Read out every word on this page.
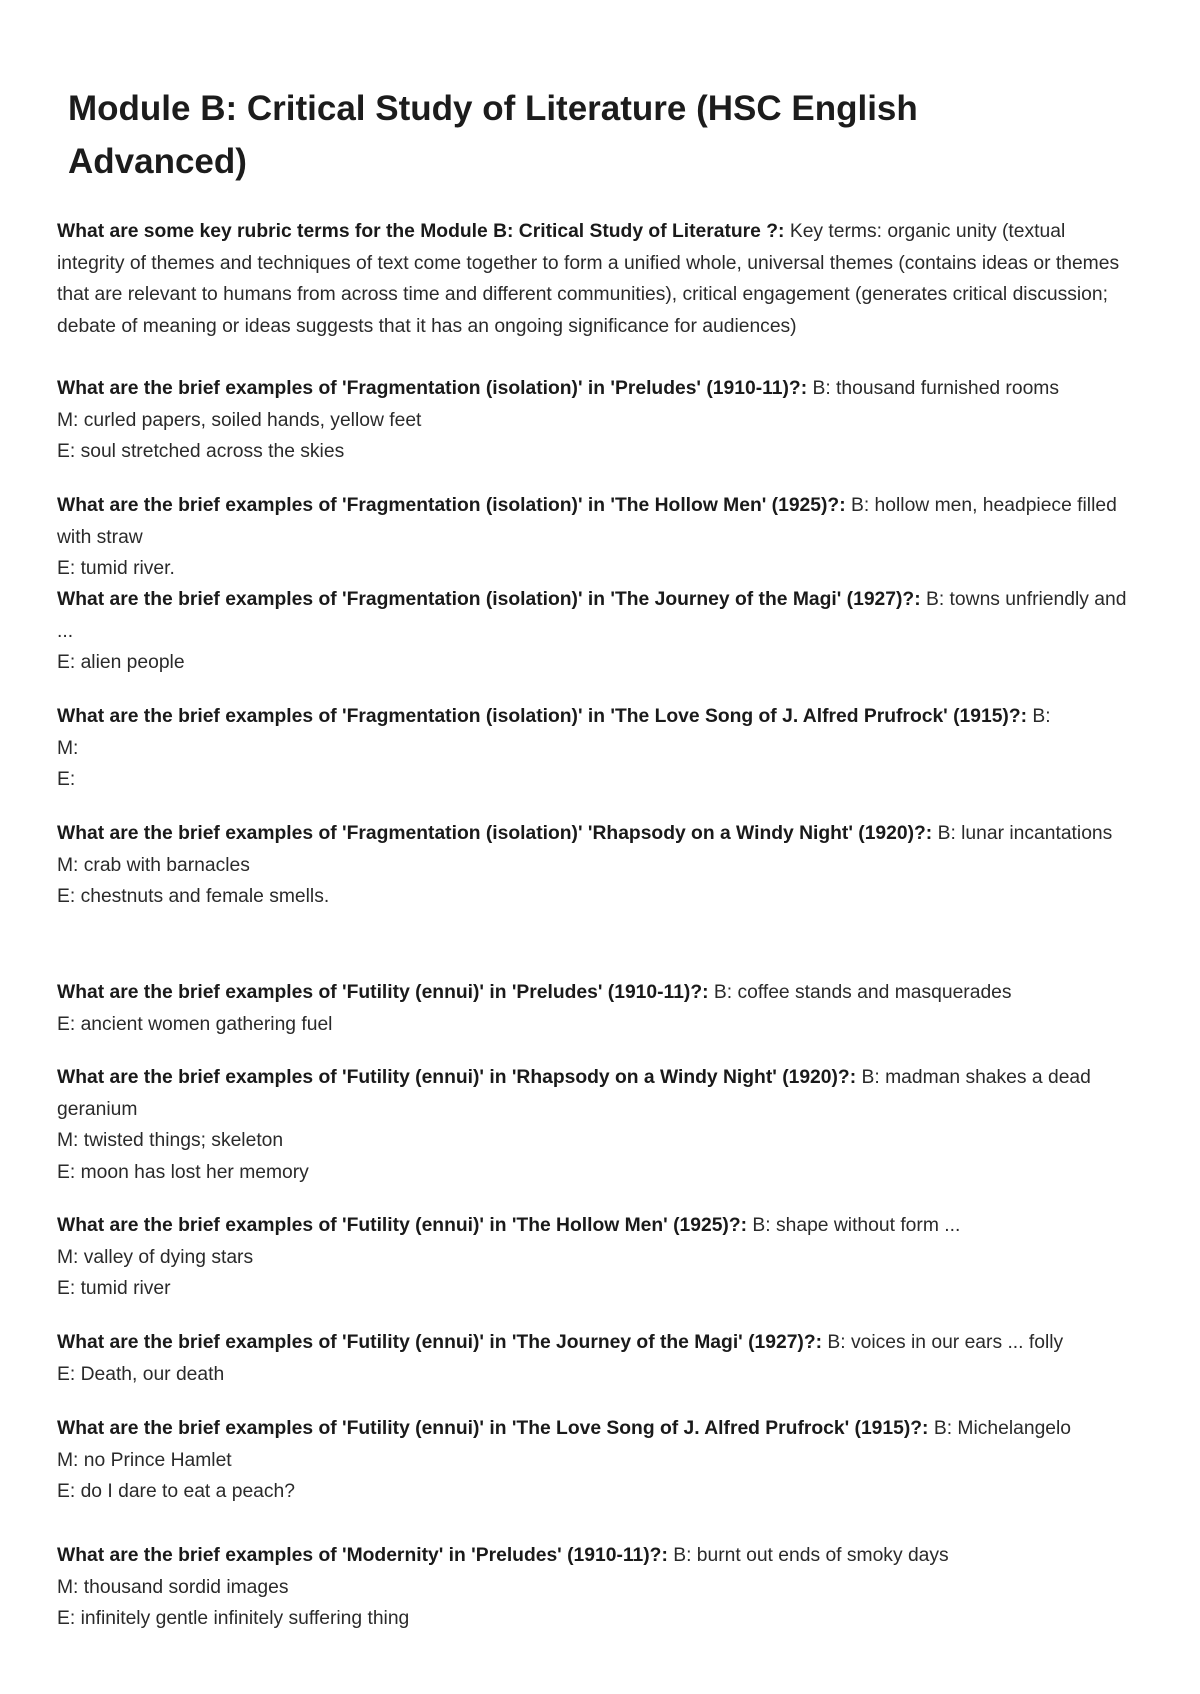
Module B: Critical Study of Literature (HSC English Advanced)
What are some key rubric terms for the Module B: Critical Study of Literature ?: Key terms: organic unity (textual integrity of themes and techniques of text come together to form a unified whole, universal themes (contains ideas or themes that are relevant to humans from across time and different communities), critical engagement (generates critical discussion; debate of meaning or ideas suggests that it has an ongoing significance for audiences)
What are the brief examples of 'Fragmentation (isolation)' in 'Preludes' (1910-11)?: B: thousand furnished rooms
M: curled papers, soiled hands, yellow feet
E: soul stretched across the skies
What are the brief examples of 'Fragmentation (isolation)' in 'The Hollow Men' (1925)?: B: hollow men, headpiece filled with straw
E: tumid river.
What are the brief examples of 'Fragmentation (isolation)' in 'The Journey of the Magi' (1927)?: B: towns unfriendly and ...
E: alien people
What are the brief examples of 'Fragmentation (isolation)' in 'The Love Song of J. Alfred Prufrock' (1915)?: B:
M:
E:
What are the brief examples of 'Fragmentation (isolation)' 'Rhapsody on a Windy Night' (1920)?: B: lunar incantations
M: crab with barnacles
E: chestnuts and female smells.
What are the brief examples of 'Futility (ennui)' in 'Preludes' (1910-11)?: B: coffee stands and masquerades
E: ancient women gathering fuel
What are the brief examples of 'Futility (ennui)' in 'Rhapsody on a Windy Night' (1920)?: B: madman shakes a dead geranium
M: twisted things; skeleton
E: moon has lost her memory
What are the brief examples of 'Futility (ennui)' in 'The Hollow Men' (1925)?: B: shape without form ...
M: valley of dying stars
E: tumid river
What are the brief examples of 'Futility (ennui)' in 'The Journey of the Magi' (1927)?: B: voices in our ears ... folly
E: Death, our death
What are the brief examples of 'Futility (ennui)' in 'The Love Song of J. Alfred Prufrock' (1915)?: B: Michelangelo
M: no Prince Hamlet
E: do I dare to eat a peach?
What are the brief examples of 'Modernity' in 'Preludes' (1910-11)?: B: burnt out ends of smoky days
M: thousand sordid images
E: infinitely gentle infinitely suffering thing
